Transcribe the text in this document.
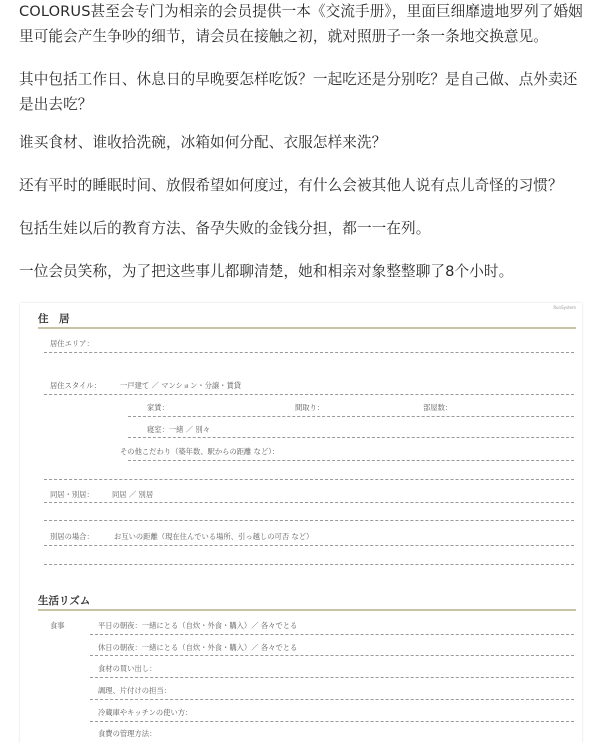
COLORUS甚至会专门为相亲的会员提供一本《交流手册》，里面巨细靡遗地罗列了婚姻里可能会产生争吵的细节，请会员在接触之初，就对照册子一条一条地交换意见。

其中包括工作日、休息日的早晚要怎样吃饭？一起吃还是分别吃？是自己做、点外卖还是出去吃？

谁买食材、谁收拾洗碗，冰箱如何分配、衣服怎样来洗？

还有平时的睡眠时间、放假希望如何度过，有什么会被其他人说有点儿奇怪的习惯？

包括生娃以后的教育方法、备孕失败的金钱分担，都一一在列。

一位会员笑称，为了把这些事儿都聊清楚，她和相亲对象整整聊了8个小时。

RunSystem
住　居
居住エリア：
居住スタイル：	一戸建て ／ マンション・分譲・賃貸
家賃：	間取り：	部屋数：
寝室：一緒 ／ 別々
その他こだわり（築年数、駅からの距離 など）：
同居・別居： 同居 ／ 別居
別居の場合：	お互いの距離（現在住んでいる場所、引っ越しの可否 など）
生活リズム
食事	平日の朝夜：一緒にとる（自炊・外食・購入）／ 各々でとる
休日の朝夜：一緒にとる（自炊・外食・購入）／ 各々でとる
食材の買い出し：
調理、片付けの担当：
冷蔵庫やキッチンの使い方：
食費の管理方法：
